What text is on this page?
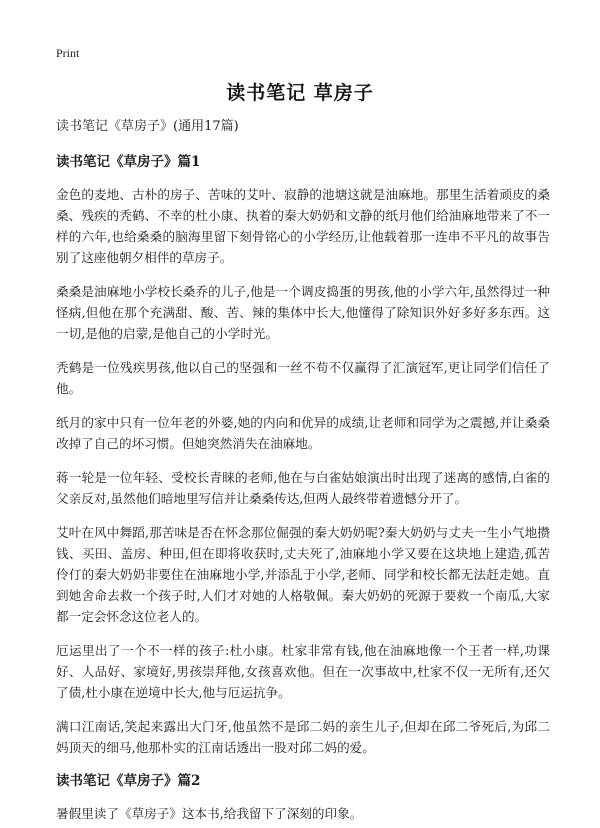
Print
读书笔记 草房子
读书笔记《草房子》(通用17篇)
读书笔记《草房子》篇1

金色的麦地、古朴的房子、苦味的艾叶、寂静的池塘这就是油麻地。那里生活着顽皮的桑桑、残疾的秃鹤、不幸的杜小康、执着的秦大奶奶和文静的纸月他们给油麻地带来了不一样的六年,也给桑桑的脑海里留下刻骨铭心的小学经历,让他载着那一连串不平凡的故事告别了这座他朝夕相伴的草房子。

桑桑是油麻地小学校长桑乔的儿子,他是一个调皮捣蛋的男孩,他的小学六年,虽然得过一种怪病,但他在那个充满甜、酸、苦、辣的集体中长大,他懂得了除知识外好多好多东西。这一切,是他的启蒙,是他自己的小学时光。

秃鹤是一位残疾男孩,他以自己的坚强和一丝不苟不仅赢得了汇演冠军,更让同学们信任了他。

纸月的家中只有一位年老的外婆,她的内向和优异的成绩,让老师和同学为之震撼,并让桑桑改掉了自己的坏习惯。但她突然消失在油麻地。

蒋一轮是一位年轻、受校长青睐的老师,他在与白雀姑娘演出时出现了迷离的感情,白雀的父亲反对,虽然他们暗地里写信并让桑桑传达,但两人最终带着遗憾分开了。

艾叶在风中舞蹈,那苦味是否在怀念那位倔强的秦大奶奶呢?秦大奶奶与丈夫一生小气地攒钱、买田、盖房、种田,但在即将收获时,丈夫死了,油麻地小学又要在这块地上建造,孤苦伶仃的秦大奶奶非要住在油麻地小学,并添乱于小学,老师、同学和校长都无法赶走她。直到她舍命去救一个孩子时,人们才对她的人格敬佩。秦大奶奶的死源于要救一个南瓜,大家都一定会怀念这位老人的。

厄运里出了一个不一样的孩子:杜小康。杜家非常有钱,他在油麻地像一个王者一样,功课好、人品好、家境好,男孩崇拜他,女孩喜欢他。但在一次事故中,杜家不仅一无所有,还欠了债,杜小康在逆境中长大,他与厄运抗争。

满口江南话,笑起来露出大门牙,他虽然不是邱二妈的亲生儿子,但却在邱二爷死后,为邱二妈顶天的细马,他那朴实的江南话透出一股对邱二妈的爱。

读书笔记《草房子》篇2

暑假里读了《草房子》这本书,给我留下了深刻的印象。
